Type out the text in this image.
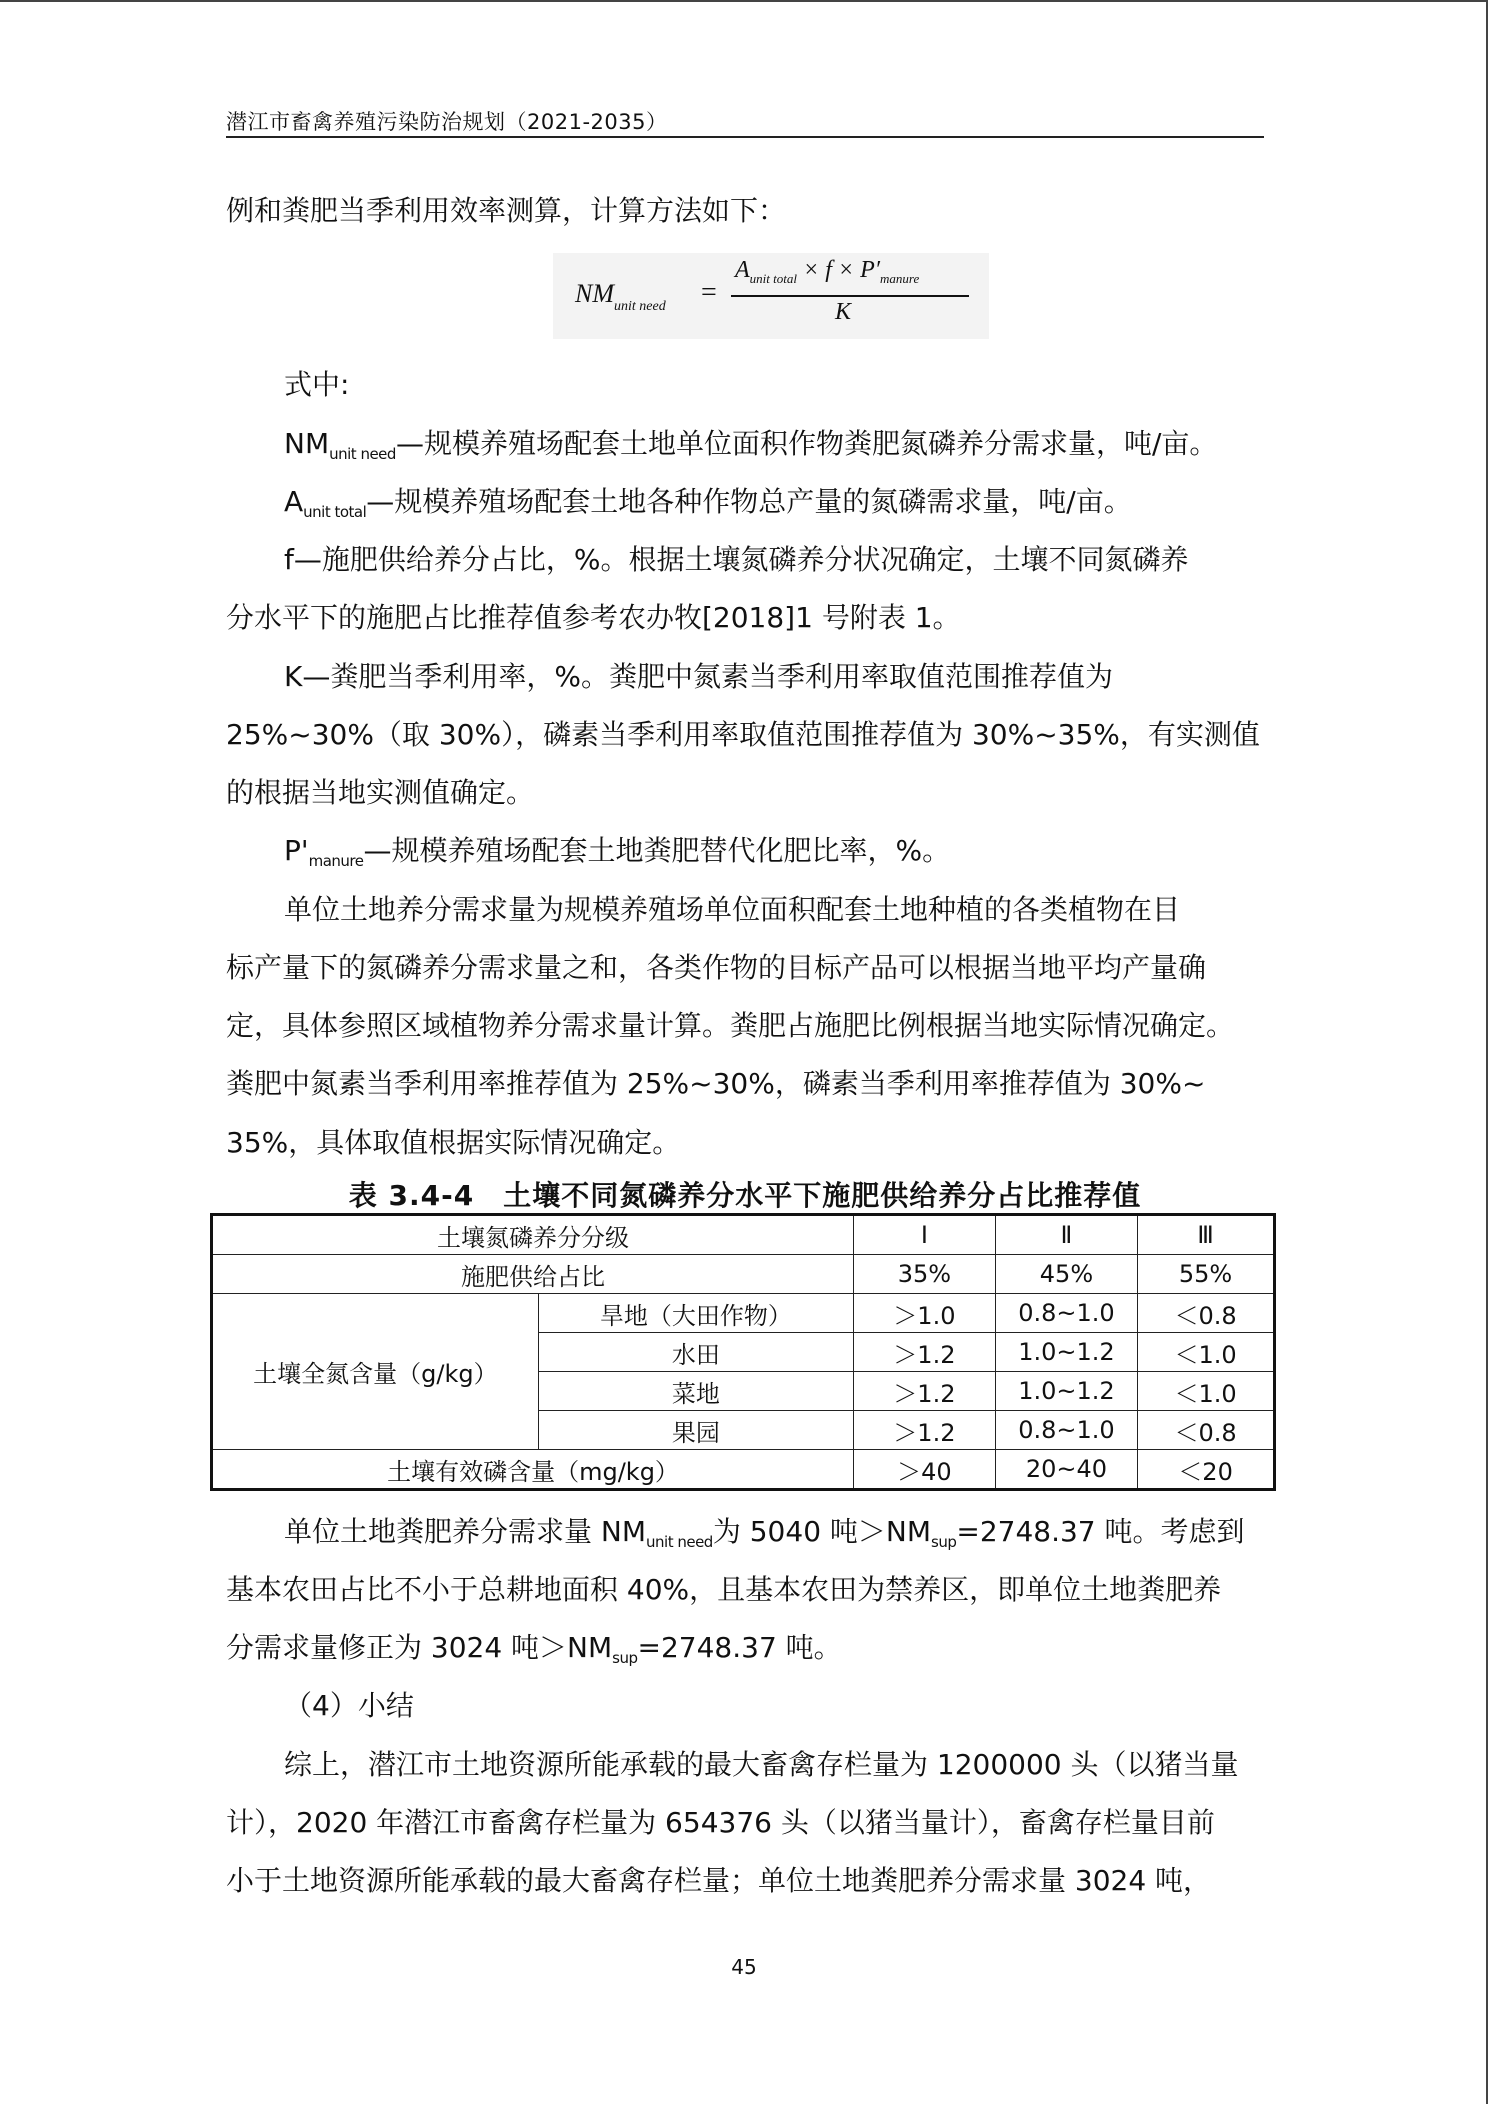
潜江市畜禽养殖污染防治规划（2021-2035）

例和粪肥当季利用效率测算，计算方法如下：

$NM_{unit need}$ =
$A_{unit total} \times f \times P'_{manure}$
K

式中:

$NM_{unit need}—$规模养殖场配套土地单位面积作物粪肥氮磷养分需求量，吨/亩。

$A_{unit total}—$规模养殖场配套土地各种作物总产量的氮磷需求量，吨/亩。

f—施肥供给养分占比，%。根据土壤氮磷养分状况确定，土壤不同氮磷养

分水平下的施肥占比推荐值参考农办牧[2018]1 号附表 1。

K—粪肥当季利用率，%。粪肥中氮素当季利用率取值范围推荐值为

25%~30%（取 30%），磷素当季利用率取值范围推荐值为 30%~35%，有实测值

的根据当地实测值确定。

$P'_{manure}—$规模养殖场配套土地粪肥替代化肥比率，%。

单位土地养分需求量为规模养殖场单位面积配套土地种植的各类植物在目

标产量下的氮磷养分需求量之和，各类作物的目标产品可以根据当地平均产量确

定，具体参照区域植物养分需求量计算。粪肥占施肥比例根据当地实际情况确定。

粪肥中氮素当季利用率推荐值为 25%~30%，磷素当季利用率推荐值为 30%~

35%，具体取值根据实际情况确定。

表 3.4-4　土壤不同氮磷养分水平下施肥供给养分占比推荐值
土壤氮磷养分分级		Ⅰ	Ⅱ	Ⅲ
施肥供给占比		35%	45%	55%
土壤全氮含量（g/kg）	旱地（大田作物）	＞1.0	0.8~1.0	＜0.8
	水田	＞1.2	1.0~1.2	＜1.0
	菜地	＞1.2	1.0~1.2	＜1.0
	果园	＞1.2	0.8~1.0	＜0.8
土壤有效磷含量（mg/kg）		＞40	20~40	＜20

单位土地粪肥养分需求量 $NM_{unit need}$为 5040 吨$>NM_{sup}=2748.37$ 吨。考虑到

基本农田占比不小于总耕地面积 40%，且基本农田为禁养区，即单位土地粪肥养

分需求量修正为 3024 吨$>NM_{sup}=2748.37$ 吨。

（4）小结

综上，潜江市土地资源所能承载的最大畜禽存栏量为 1200000 头（以猪当量

计），2020 年潜江市畜禽存栏量为 654376 头（以猪当量计），畜禽存栏量目前

小于土地资源所能承载的最大畜禽存栏量；单位土地粪肥养分需求量 3024 吨，

45
